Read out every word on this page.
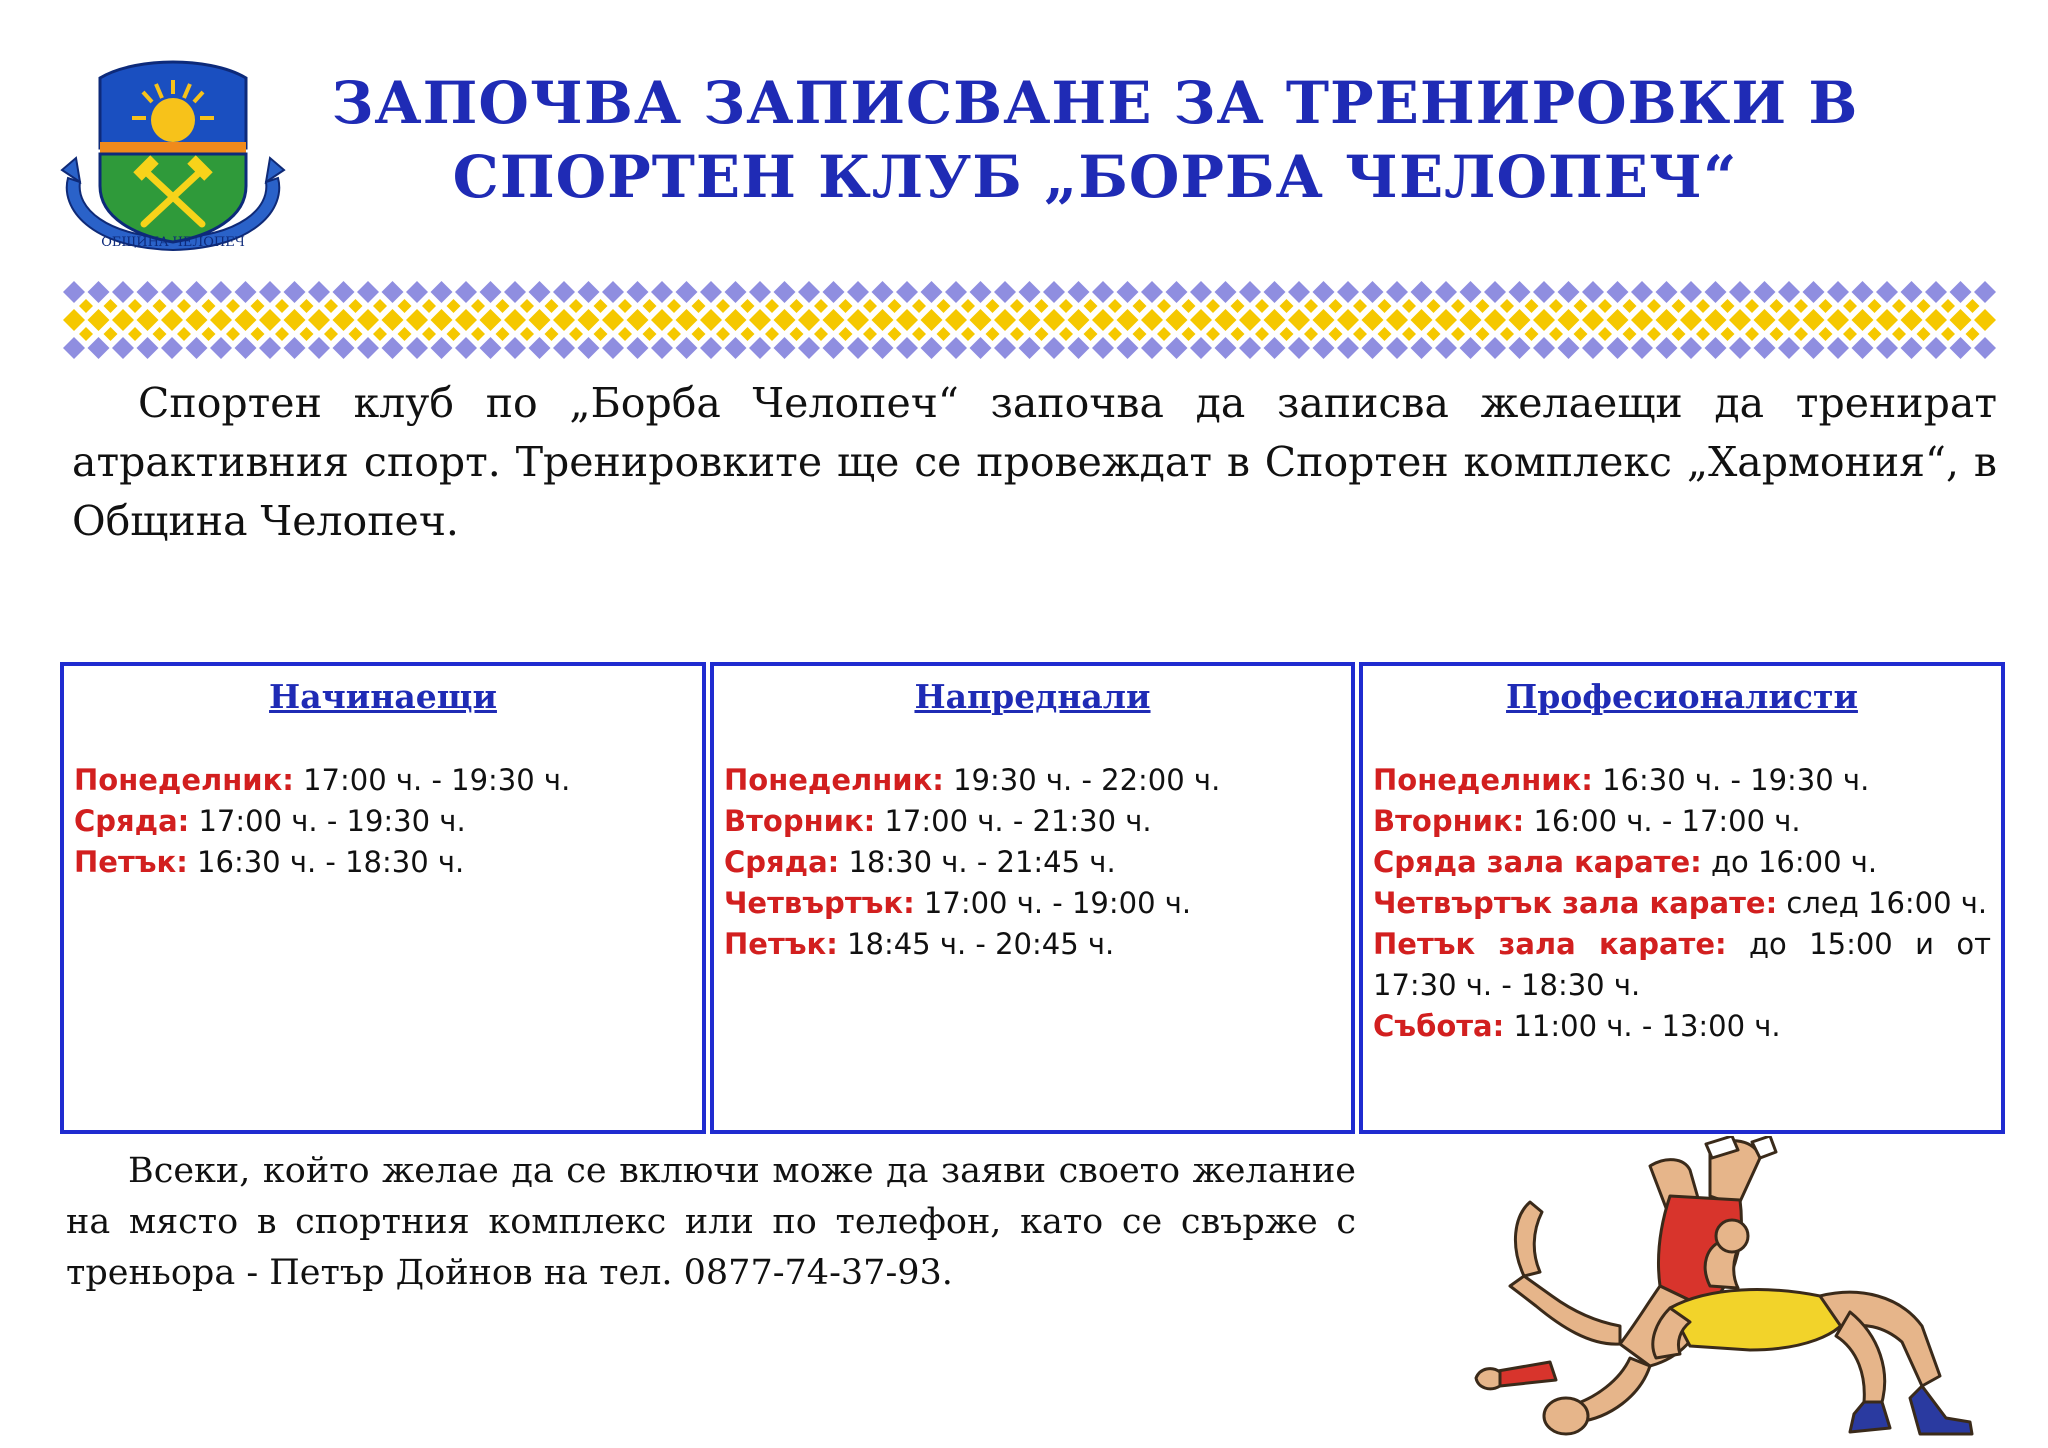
ОБЩИНА ЧЕЛОПЕЧ
ЗАПОЧВА ЗАПИСВАНЕ ЗА ТРЕНИРОВКИ В
СПОРТЕН КЛУБ „БОРБА ЧЕЛОПЕЧ“

Спортен клуб по „Борба Челопеч“ започва да записва желаещи да тренират атрактивния спорт. Тренировките ще се провеждат в Спортен комплекс „Хармония“, в Община Челопеч.

Начинаещи
Понеделник: 17:00 ч. - 19:30 ч.
Сряда: 17:00 ч. - 19:30 ч.
Петък: 16:30 ч. - 18:30 ч.
Напреднали
Понеделник: 19:30 ч. - 22:00 ч.
Вторник: 17:00 ч. - 21:30 ч.
Сряда: 18:30 ч. - 21:45 ч.
Четвъртък: 17:00 ч. - 19:00 ч.
Петък: 18:45 ч. - 20:45 ч.
Професионалисти
Понеделник: 16:30 ч. - 19:30 ч.
Вторник: 16:00 ч. - 17:00 ч.
Сряда зала карате: до 16:00 ч.
Четвъртък зала карате: след 16:00 ч.
Петък зала карате: до 15:00 и от 17:30 ч. - 18:30 ч.
Събота: 11:00 ч. - 13:00 ч.

Всеки, който желае да се включи може да заяви своето желание на място в спортния комплекс или по телефон, като се свърже с треньора - Петър Дойнов на тел. 0877-74-37-93.
